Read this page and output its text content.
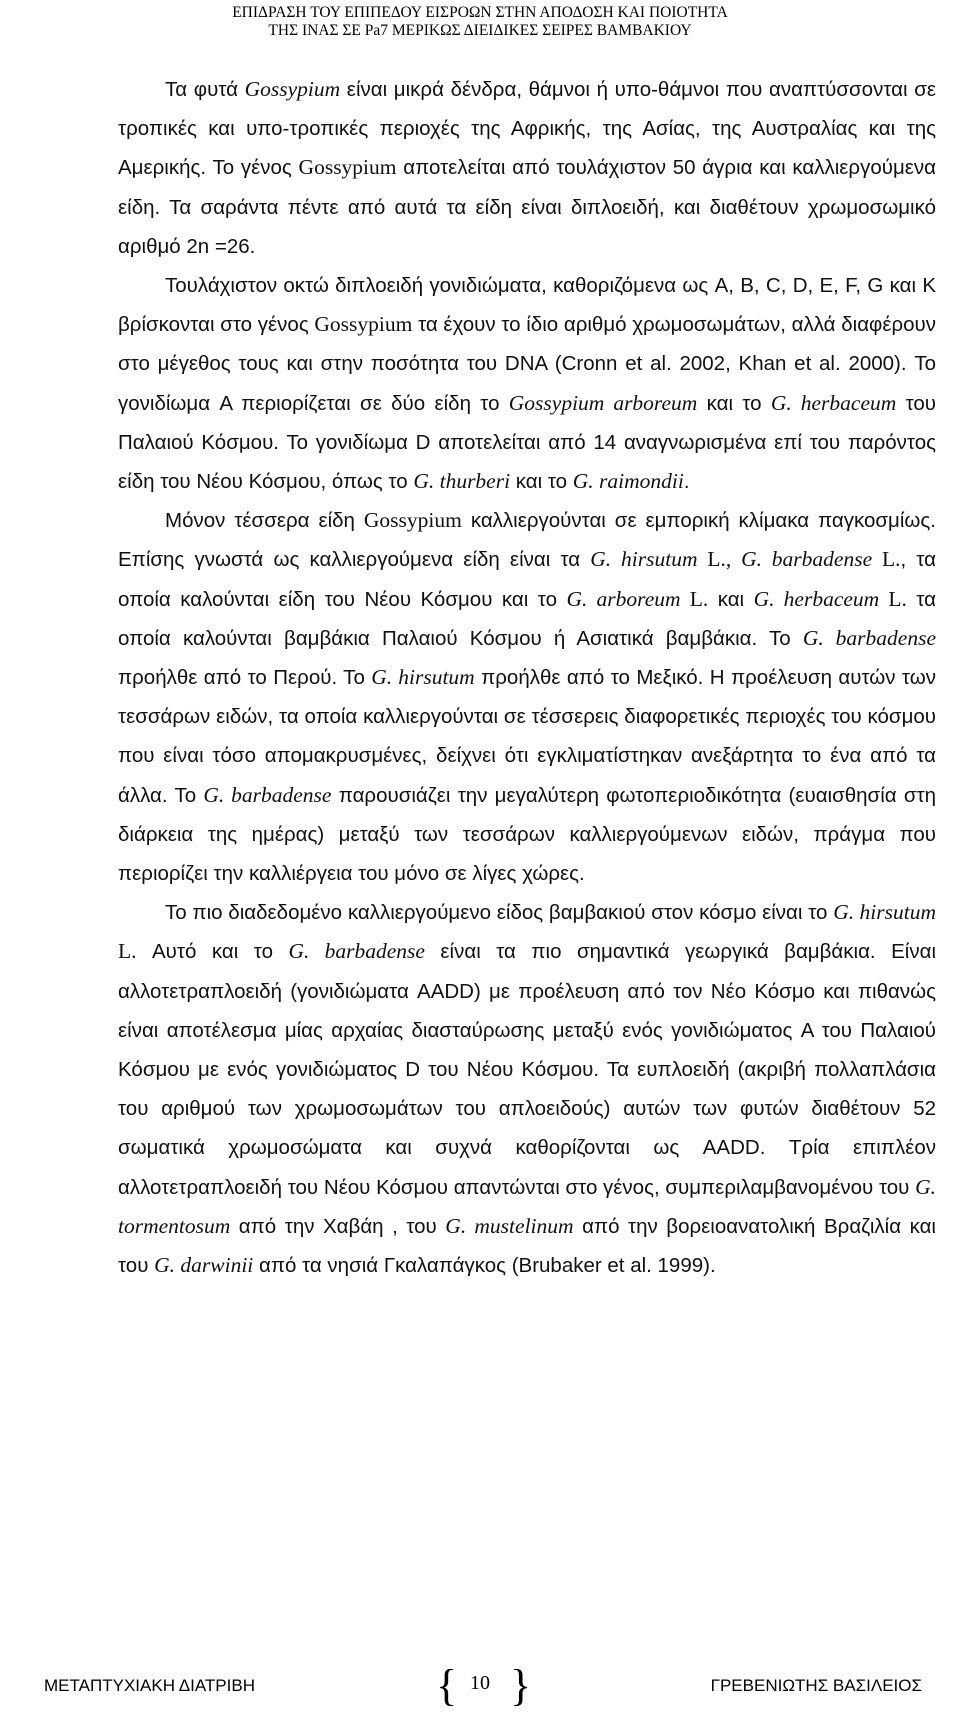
ΕΠΙΔΡΑΣΗ ΤΟΥ ΕΠΙΠΕΔΟΥ ΕΙΣΡΟΩΝ ΣΤΗΝ ΑΠΟΔΟΣΗ ΚΑΙ ΠΟΙΟΤΗΤΑ
ΤΗΣ ΙΝΑΣ ΣΕ Pa7 ΜΕΡΙΚΩΣ ΔΙΕΙΔΙΚΕΣ ΣΕΙΡΕΣ ΒΑΜΒΑΚΙΟΥ

Τα φυτά Gossypium είναι μικρά δένδρα, θάμνοι ή υπο-θάμνοι που αναπτύσσονται σε τροπικές και υπο-τροπικές περιοχές της Αφρικής, της Ασίας, της Αυστραλίας και της Αμερικής. Το γένος Gossypium αποτελείται από τουλάχιστον 50 άγρια και καλλιεργούμενα είδη. Τα σαράντα πέντε από αυτά τα είδη είναι διπλοειδή, και διαθέτουν χρωμοσωμικό αριθμό 2n =26.

Τουλάχιστον οκτώ διπλοειδή γονιδιώματα, καθοριζόμενα ως A, B, C, D, E, F, G και K βρίσκονται στο γένος Gossypium τα έχουν το ίδιο αριθμό χρωμοσωμάτων, αλλά διαφέρουν στο μέγεθος τους και στην ποσότητα του DNA (Cronn et al. 2002, Khan et al. 2000). Το γονιδίωμα A περιορίζεται σε δύο είδη το Gossypium arboreum και το G. herbaceum του Παλαιού Κόσμου. Το γονιδίωμα D αποτελείται από 14 αναγνωρισμένα επί του παρόντος είδη του Νέου Κόσμου, όπως το G. thurberi και το G. raimondii.

Μόνον τέσσερα είδη Gossypium καλλιεργούνται σε εμπορική κλίμακα παγκοσμίως. Επίσης γνωστά ως καλλιεργούμενα είδη είναι τα G. hirsutum L., G. barbadense L., τα οποία καλούνται είδη του Νέου Κόσμου και το G. arboreum L. και G. herbaceum L. τα οποία καλούνται βαμβάκια Παλαιού Κόσμου ή Ασιατικά βαμβάκια. Το G. barbadense προήλθε από το Περού. Το G. hirsutum προήλθε από το Μεξικό. Η προέλευση αυτών των τεσσάρων ειδών, τα οποία καλλιεργούνται σε τέσσερεις διαφορετικές περιοχές του κόσμου που είναι τόσο απομακρυσμένες, δείχνει ότι εγκλιματίστηκαν ανεξάρτητα το ένα από τα άλλα. Το G. barbadense παρουσιάζει την μεγαλύτερη φωτοπεριοδικότητα (ευαισθησία στη διάρκεια της ημέρας) μεταξύ των τεσσάρων καλλιεργούμενων ειδών, πράγμα που περιορίζει την καλλιέργεια του μόνο σε λίγες χώρες.

Το πιο διαδεδομένο καλλιεργούμενο είδος βαμβακιού στον κόσμο είναι το G. hirsutum L. Αυτό και το G. barbadense είναι τα πιο σημαντικά γεωργικά βαμβάκια. Είναι αλλοτετραπλοειδή (γονιδιώματα AADD) με προέλευση από τον Νέο Κόσμο και πιθανώς είναι αποτέλεσμα μίας αρχαίας διασταύρωσης μεταξύ ενός γονιδιώματος A του Παλαιού Κόσμου με ενός γονιδιώματος D του Νέου Κόσμου. Τα ευπλοειδή (ακριβή πολλαπλάσια του αριθμού των χρωμοσωμάτων του απλοειδούς) αυτών των φυτών διαθέτουν 52 σωματικά χρωμοσώματα και συχνά καθορίζονται ως AADD. Τρία επιπλέον αλλοτετραπλοειδή του Νέου Κόσμου απαντώνται στο γένος, συμπεριλαμβανομένου του G. tormentosum από την Χαβάη , του G. mustelinum από την βορειοανατολική Βραζιλία και του G. darwinii από τα νησιά Γκαλαπάγκος (Brubaker et al. 1999).

ΜΕΤΑΠΤΥΧΙΑΚΗ ΔΙΑΤΡΙΒΗ	{ 10 }	ΓΡΕΒΕΝΙΩΤΗΣ ΒΑΣΙΛΕΙΟΣ
